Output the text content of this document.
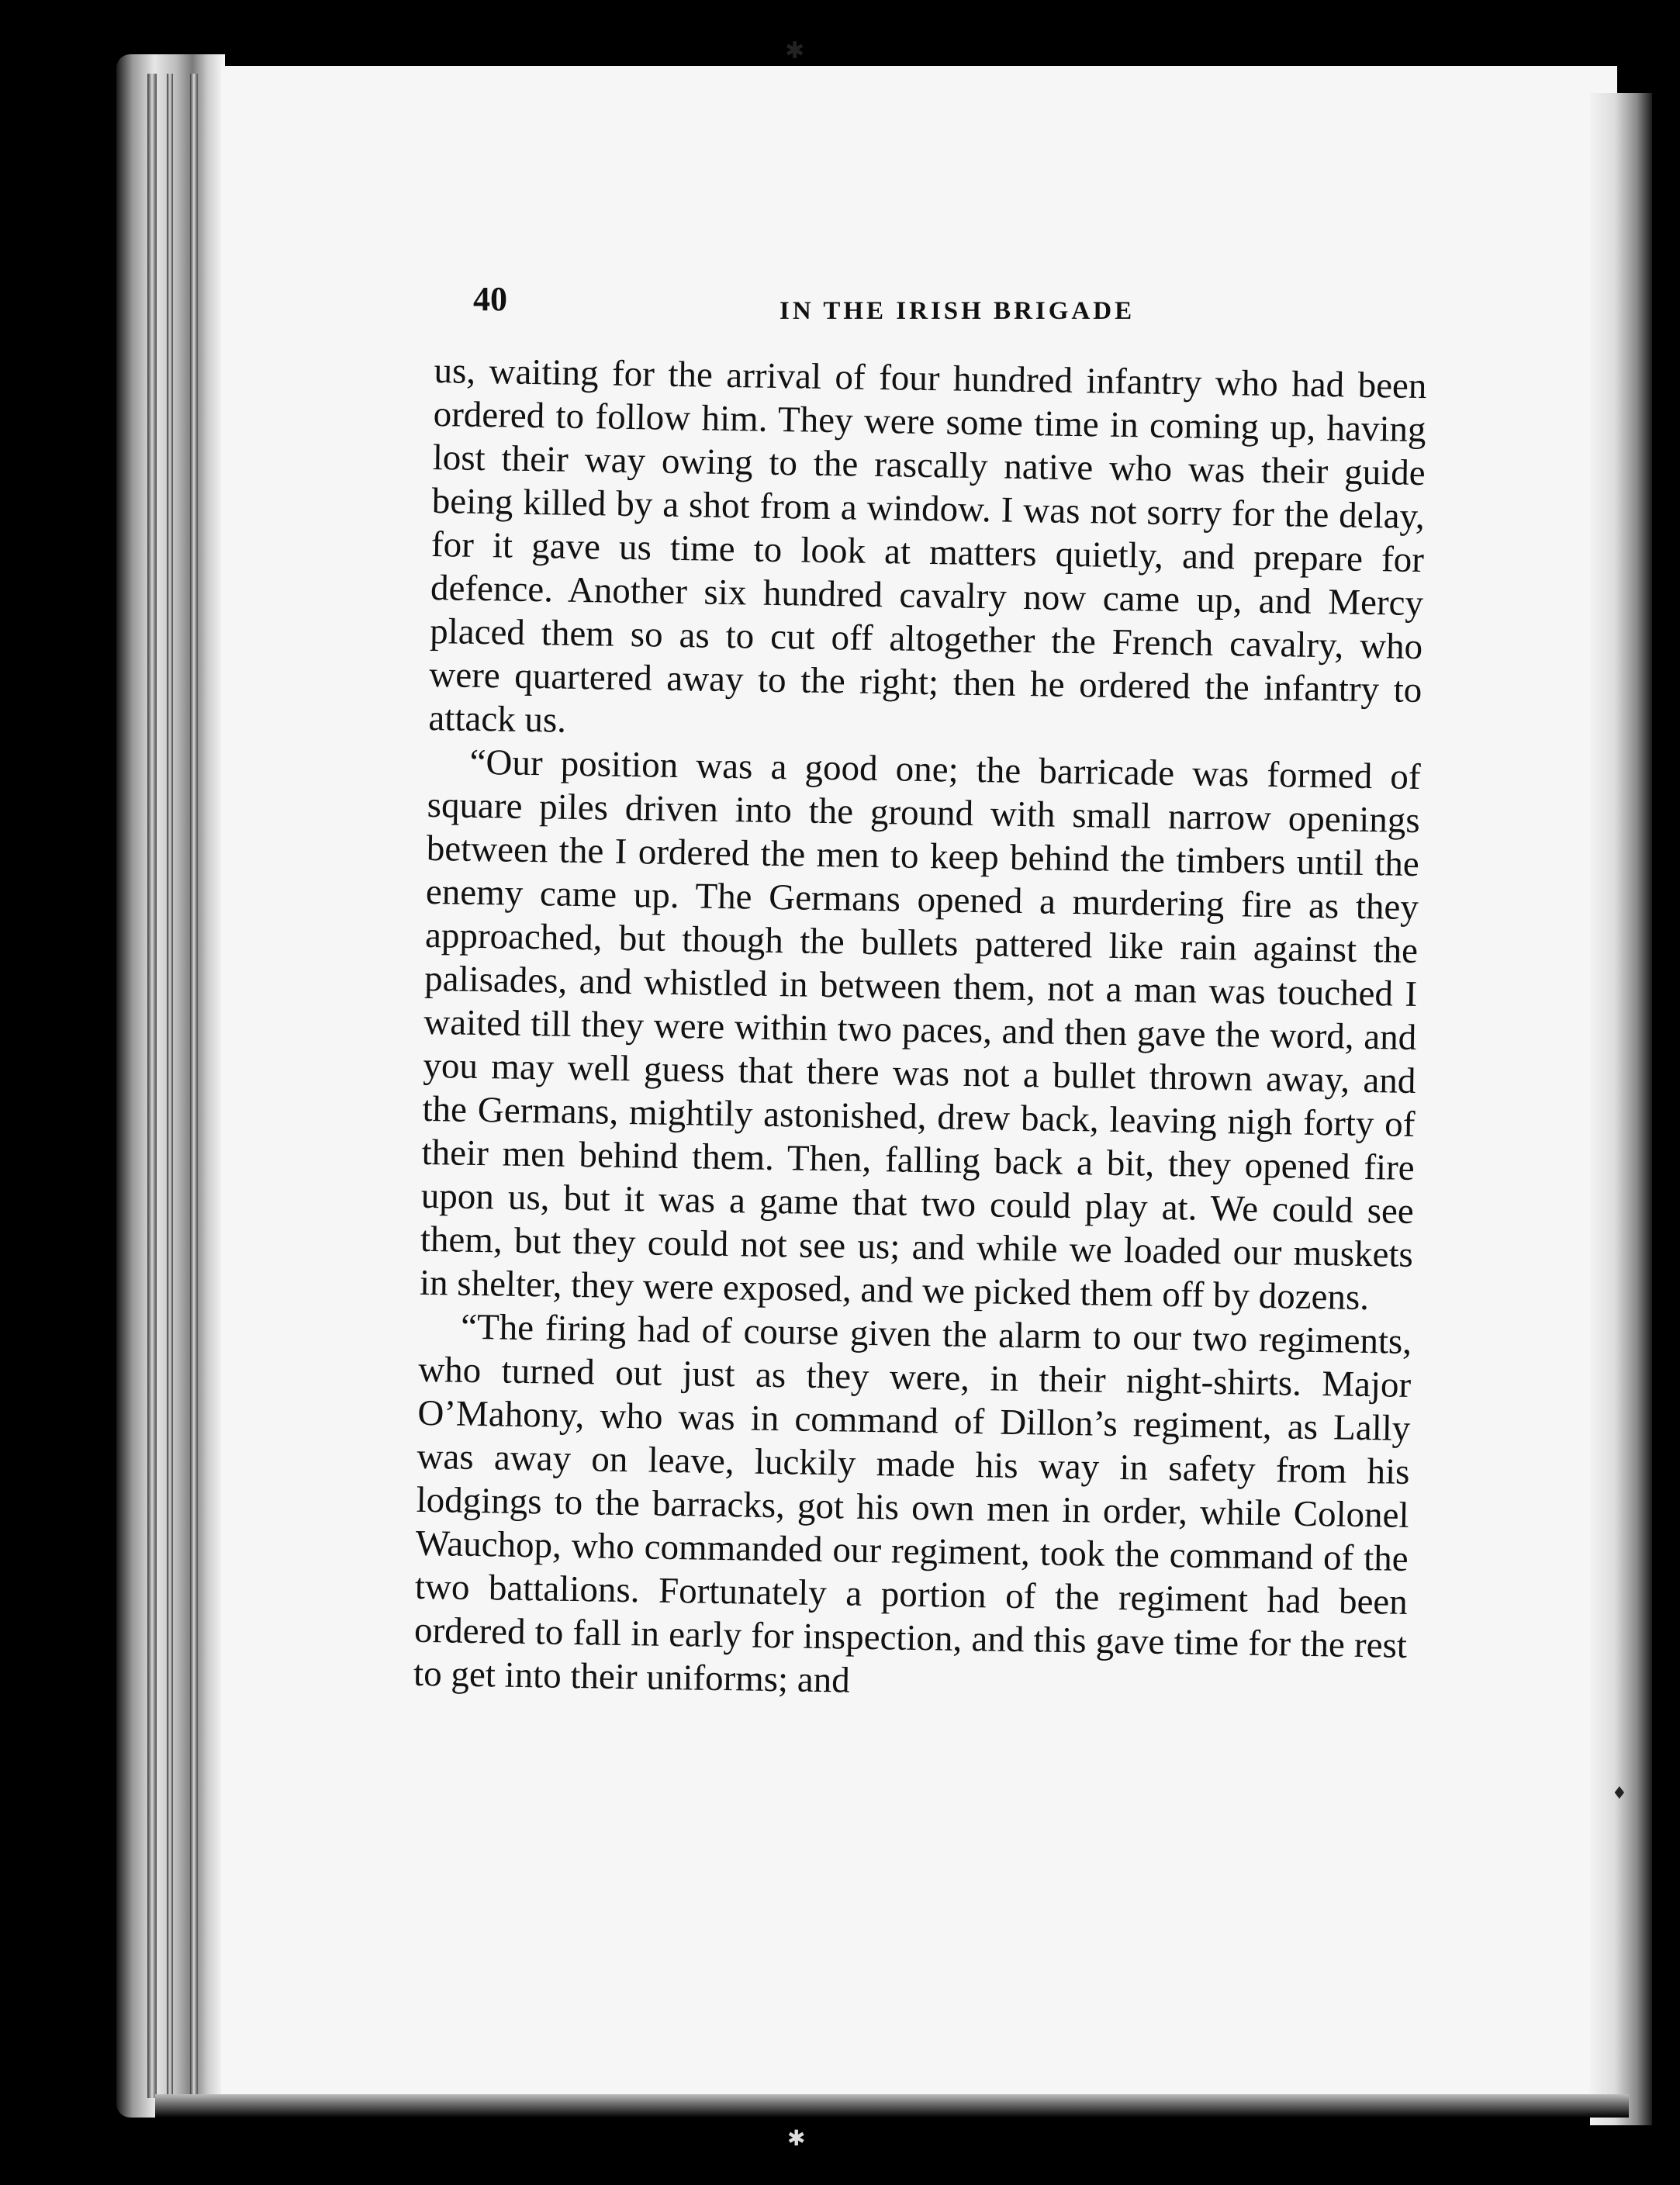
✱
✱
♦
40	IN THE IRISH BRIGADE

us, waiting for the arrival of four hundred infantry who had been ordered to follow him. They were some time in coming up, having lost their way owing to the rascally native who was their guide being killed by a shot from a window. I was not sorry for the delay, for it gave us time to look at matters quietly, and prepare for defence. Another six hundred cavalry now came up, and Mercy placed them so as to cut off altogether the French cavalry, who were quartered away to the right; then he ordered the infantry to attack us.

“Our position was a good one; the barricade was formed of square piles driven into the ground with small narrow openings between the I ordered the men to keep behind the timbers until the enemy came up. The Germans opened a murdering fire as they approached, but though the bullets pattered like rain against the palisades, and whistled in between them, not a man was touched I waited till they were within two paces, and then gave the word, and you may well guess that there was not a bullet thrown away, and the Germans, mightily astonished, drew back, leaving nigh forty of their men behind them. Then, falling back a bit, they opened fire upon us, but it was a game that two could play at. We could see them, but they could not see us; and while we loaded our muskets in shelter, they were exposed, and we picked them off by dozens.

“The firing had of course given the alarm to our two regiments, who turned out just as they were, in their night-shirts. Major O’Mahony, who was in command of Dillon’s regiment, as Lally was away on leave, luckily made his way in safety from his lodgings to the barracks, got his own men in order, while Colonel Wauchop, who commanded our regiment, took the command of the two battalions. Fortunately a portion of the regiment had been ordered to fall in early for inspection, and this gave time for the rest to get into their uniforms; and
